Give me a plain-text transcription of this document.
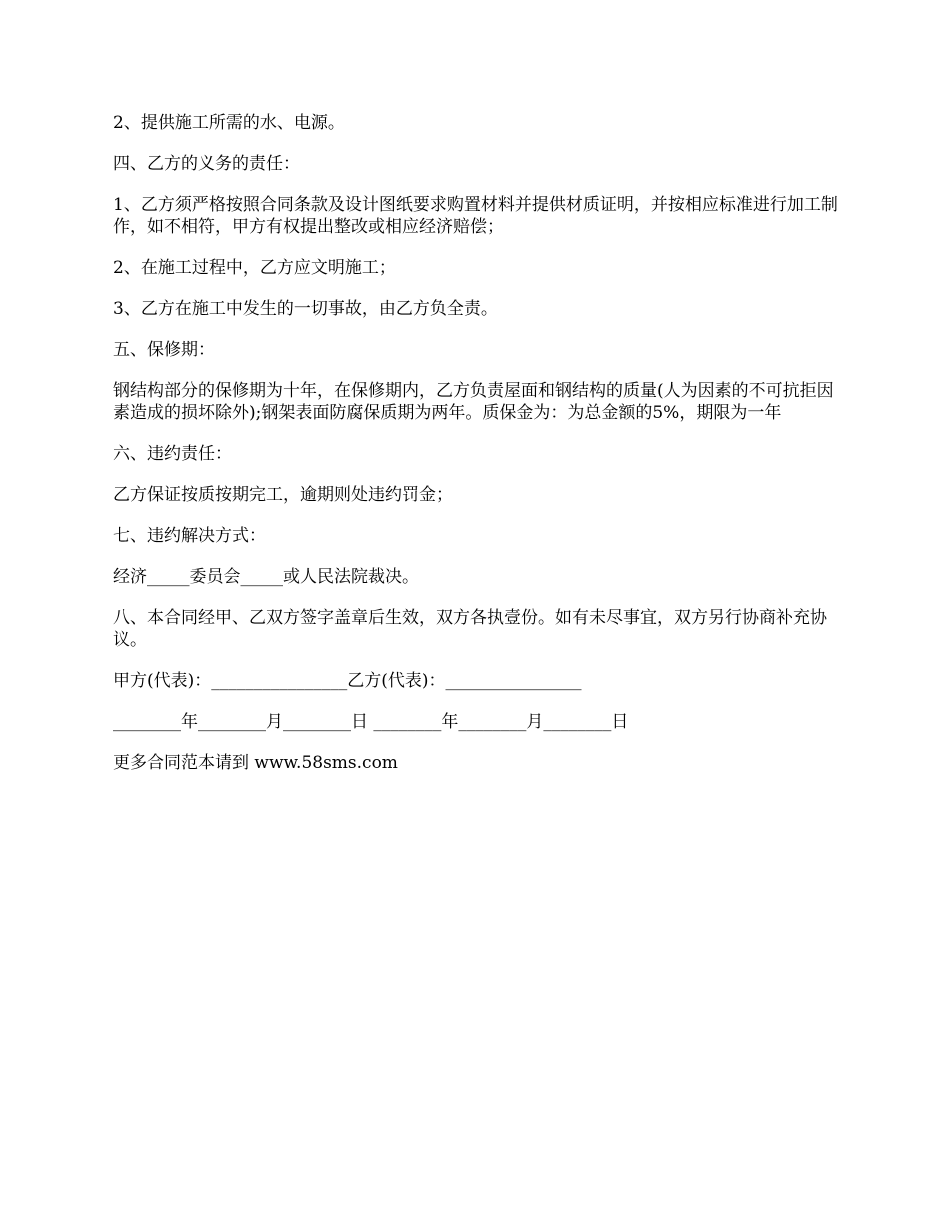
2、提供施工所需的水、电源。

四、乙方的义务的责任：

1、乙方须严格按照合同条款及设计图纸要求购置材料并提供材质证明，并按相应标准进行加工制作，如不相符，甲方有权提出整改或相应经济赔偿；

2、在施工过程中，乙方应文明施工；

3、乙方在施工中发生的一切事故，由乙方负全责。

五、保修期：

钢结构部分的保修期为十年，在保修期内，乙方负责屋面和钢结构的质量(人为因素的不可抗拒因素造成的损坏除外);钢架表面防腐保质期为两年。质保金为：为总金额的5%，期限为一年

六、违约责任：

乙方保证按质按期完工，逾期则处违约罚金；

七、违约解决方式：

经济_____委员会_____或人民法院裁决。

八、本合同经甲、乙双方签字盖章后生效，双方各执壹份。如有未尽事宜，双方另行协商补充协议。

甲方(代表)：________________乙方(代表)：________________

________年________月________日 ________年________月________日

更多合同范本请到 www.58sms.com
